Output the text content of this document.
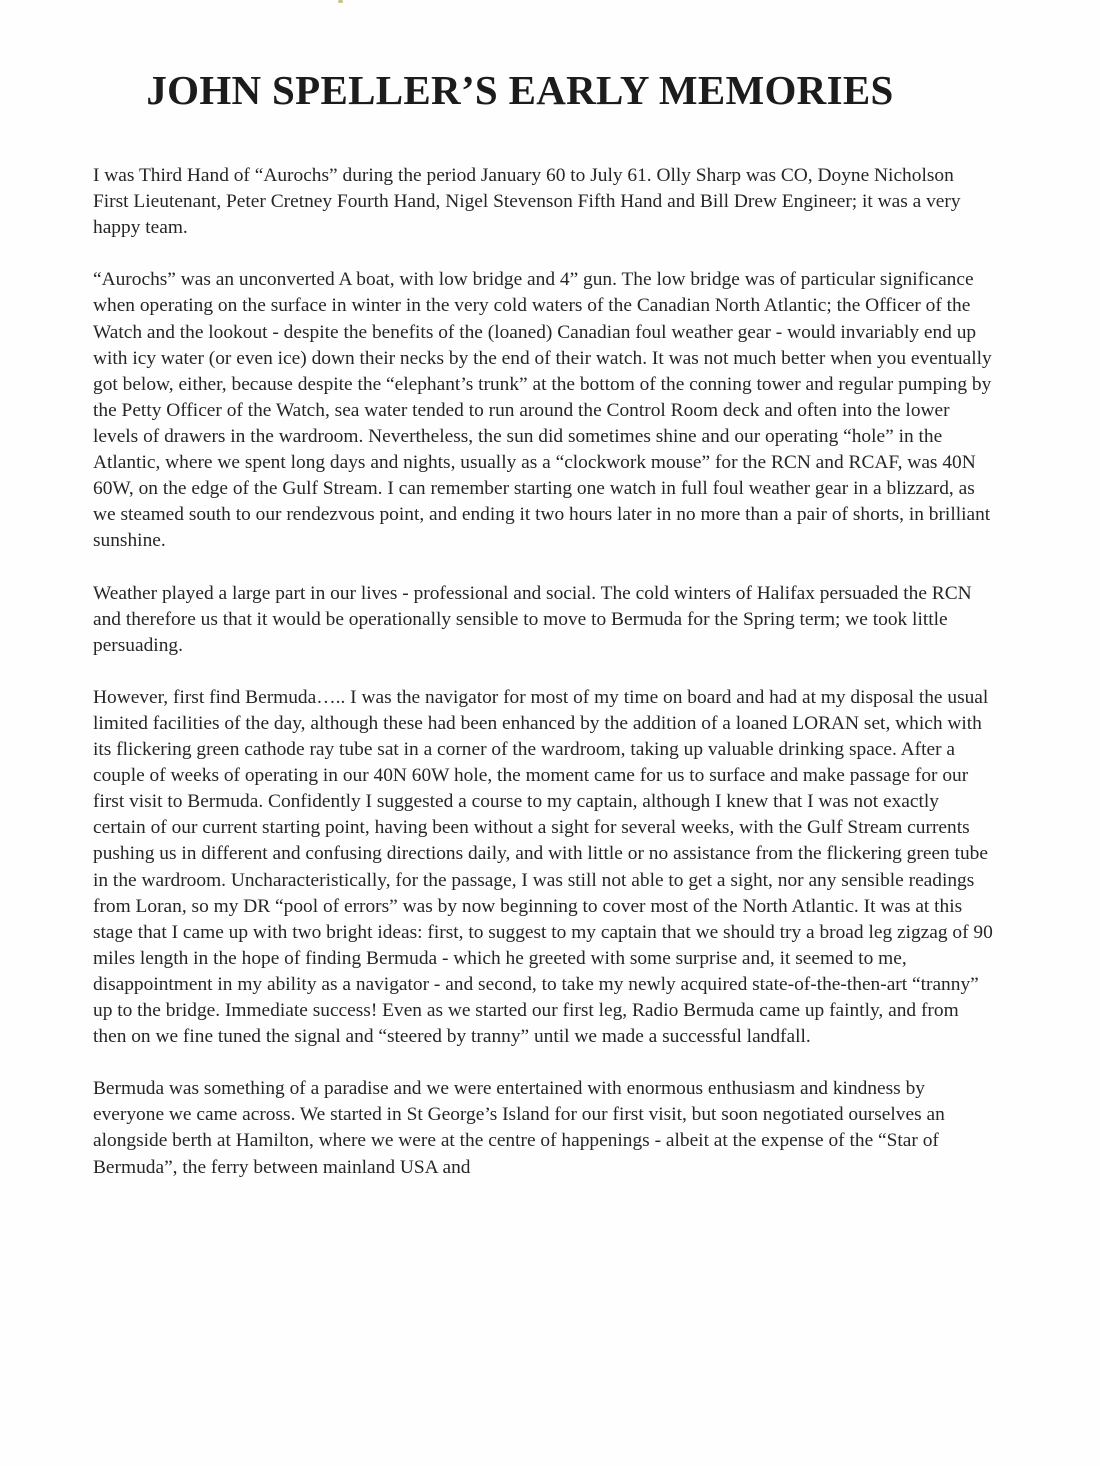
JOHN SPELLER’S EARLY MEMORIES

I was Third Hand of “Aurochs” during the period January 60 to July 61. Olly Sharp was CO, Doyne Nicholson First Lieutenant, Peter Cretney Fourth Hand, Nigel Stevenson Fifth Hand and Bill Drew Engineer; it was a very happy team.

“Aurochs” was an unconverted A boat, with low bridge and 4” gun. The low bridge was of particular significance when operating on the surface in winter in the very cold waters of the Canadian North Atlantic; the Officer of the Watch and the lookout - despite the benefits of the (loaned) Canadian foul weather gear - would invariably end up with icy water (or even ice) down their necks by the end of their watch. It was not much better when you eventually got below, either, because despite the “elephant’s trunk” at the bottom of the conning tower and regular pumping by the Petty Officer of the Watch, sea water tended to run around the Control Room deck and often into the lower levels of drawers in the wardroom. Nevertheless, the sun did sometimes shine and our operating “hole” in the Atlantic, where we spent long days and nights, usually as a “clockwork mouse” for the RCN and RCAF, was 40N 60W, on the edge of the Gulf Stream. I can remember starting one watch in full foul weather gear in a blizzard, as we steamed south to our rendezvous point, and ending it two hours later in no more than a pair of shorts, in brilliant sunshine.

Weather played a large part in our lives - professional and social. The cold winters of Halifax persuaded the RCN and therefore us that it would be operationally sensible to move to Bermuda for the Spring term; we took little persuading.

However, first find Bermuda….. I was the navigator for most of my time on board and had at my disposal the usual limited facilities of the day, although these had been enhanced by the addition of a loaned LORAN set, which with its flickering green cathode ray tube sat in a corner of the wardroom, taking up valuable drinking space. After a couple of weeks of operating in our 40N 60W hole, the moment came for us to surface and make passage for our first visit to Bermuda. Confidently I suggested a course to my captain, although I knew that I was not exactly certain of our current starting point, having been without a sight for several weeks, with the Gulf Stream currents pushing us in different and confusing directions daily, and with little or no assistance from the flickering green tube in the wardroom. Uncharacteristically, for the passage, I was still not able to get a sight, nor any sensible readings from Loran, so my DR “pool of errors” was by now beginning to cover most of the North Atlantic. It was at this stage that I came up with two bright ideas: first, to suggest to my captain that we should try a broad leg zigzag of 90 miles length in the hope of finding Bermuda - which he greeted with some surprise and, it seemed to me, disappointment in my ability as a navigator - and second, to take my newly acquired state-of-the-then-art “tranny” up to the bridge. Immediate success! Even as we started our first leg, Radio Bermuda came up faintly, and from then on we fine tuned the signal and “steered by tranny” until we made a successful landfall.

Bermuda was something of a paradise and we were entertained with enormous enthusiasm and kindness by everyone we came across. We started in St George’s Island for our first visit, but soon negotiated ourselves an alongside berth at Hamilton, where we were at the centre of happenings - albeit at the expense of the “Star of Bermuda”, the ferry between mainland USA and
